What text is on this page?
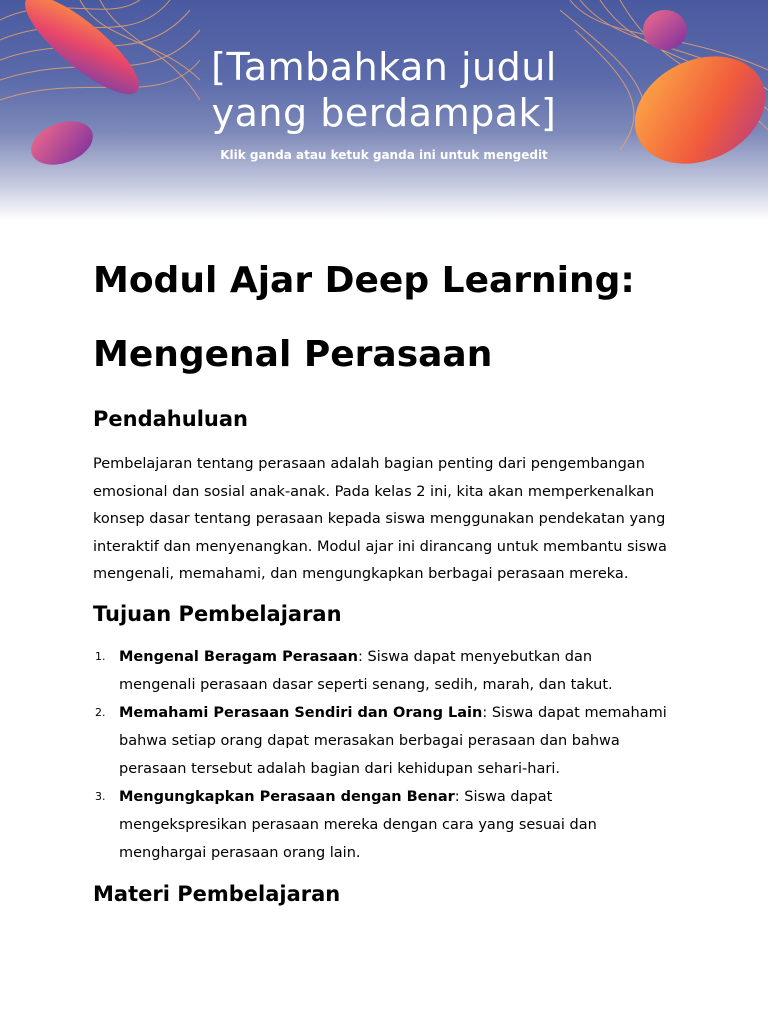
[Tambahkan judul
yang berdampak]
Klik ganda atau ketuk ganda ini untuk mengedit
Modul Ajar Deep Learning:
Mengenal Perasaan
Pendahuluan

Pembelajaran tentang perasaan adalah bagian penting dari pengembangan emosional dan sosial anak-anak. Pada kelas 2 ini, kita akan memperkenalkan konsep dasar tentang perasaan kepada siswa menggunakan pendekatan yang interaktif dan menyenangkan. Modul ajar ini dirancang untuk membantu siswa mengenali, memahami, dan mengungkapkan berbagai perasaan mereka.

Tujuan Pembelajaran
1. Mengenal Beragam Perasaan: Siswa dapat menyebutkan dan mengenali perasaan dasar seperti senang, sedih, marah, dan takut.
2. Memahami Perasaan Sendiri dan Orang Lain: Siswa dapat memahami bahwa setiap orang dapat merasakan berbagai perasaan dan bahwa perasaan tersebut adalah bagian dari kehidupan sehari-hari.
3. Mengungkapkan Perasaan dengan Benar: Siswa dapat mengekspresikan perasaan mereka dengan cara yang sesuai dan menghargai perasaan orang lain.
Materi Pembelajaran
